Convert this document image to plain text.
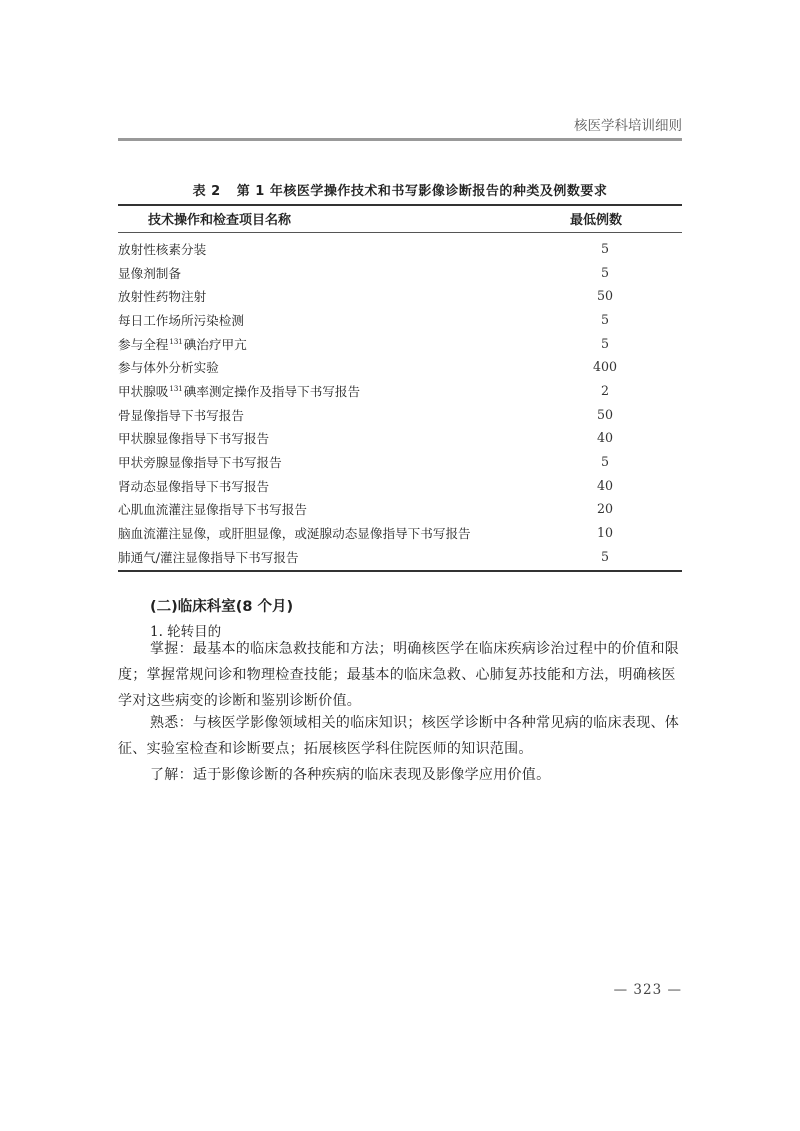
核医学科培训细则
表 2 第 1 年核医学操作技术和书写影像诊断报告的种类及例数要求
技术操作和检查项目名称	最低例数
放射性核素分装	5
显像剂制备	5
放射性药物注射	50
每日工作场所污染检测	5
参与全程$^{131}$碘治疗甲亢	5
参与体外分析实验	400
甲状腺吸$^{131}$碘率测定操作及指导下书写报告	2
骨显像指导下书写报告	50
甲状腺显像指导下书写报告	40
甲状旁腺显像指导下书写报告	5
肾动态显像指导下书写报告	40
心肌血流灌注显像指导下书写报告	20
脑血流灌注显像，或肝胆显像，或涎腺动态显像指导下书写报告	10
肺通气/灌注显像指导下书写报告	5
(二)临床科室(8 个月)
1. 轮转目的
掌握：最基本的临床急救技能和方法；明确核医学在临床疾病诊治过程中的价值和限度；掌握常规问诊和物理检查技能；最基本的临床急救、心肺复苏技能和方法，明确核医学对这些病变的诊断和鉴别诊断价值。
熟悉：与核医学影像领域相关的临床知识；核医学诊断中各种常见病的临床表现、体征、实验室检查和诊断要点；拓展核医学科住院医师的知识范围。
了解：适于影像诊断的各种疾病的临床表现及影像学应用价值。
— 323 —
